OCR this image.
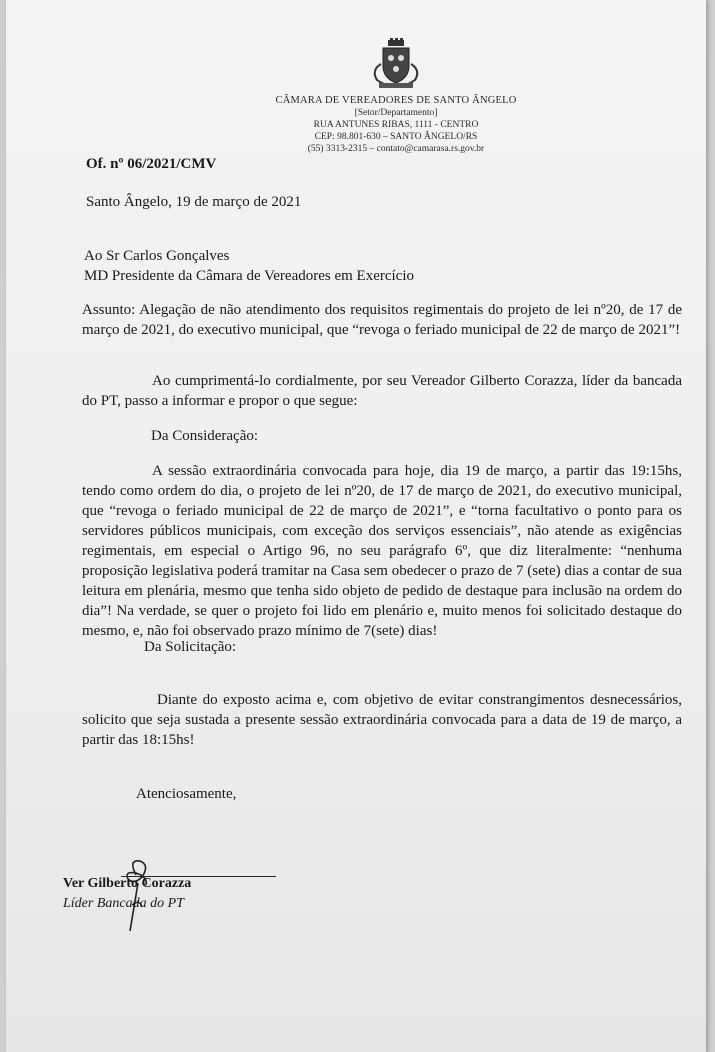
CÂMARA DE VEREADORES DE SANTO ÂNGELO
[Setor/Departamento]
RUA ANTUNES RIBAS, 1111 - CENTRO
CEP: 98.801-630 – SANTO ÂNGELO/RS
(55) 3313-2315 – contato@camarasa.rs.gov.br
Of. nº 06/2021/CMV
Santo Ângelo, 19 de março de 2021
Ao Sr Carlos Gonçalves
MD Presidente da Câmara de Vereadores em Exercício

Assunto: Alegação de não atendimento dos requisitos regimentais do projeto de lei nº20, de 17 de março de 2021, do executivo municipal, que “revoga o feriado municipal de 22 de março de 2021”!

Ao cumprimentá-lo cordialmente, por seu Vereador Gilberto Corazza, líder da bancada do PT, passo a informar e propor o que segue:

Da Consideração:

A sessão extraordinária convocada para hoje, dia 19 de março, a partir das 19:15hs, tendo como ordem do dia, o projeto de lei nº20, de 17 de março de 2021, do executivo municipal, que “revoga o feriado municipal de 22 de março de 2021”, e “torna facultativo o ponto para os servidores públicos municipais, com exceção dos serviços essenciais”, não atende as exigências regimentais, em especial o Artigo 96, no seu parágrafo 6º, que diz literalmente: “nenhuma proposição legislativa poderá tramitar na Casa sem obedecer o prazo de 7 (sete) dias a contar de sua leitura em plenária, mesmo que tenha sido objeto de pedido de destaque para inclusão na ordem do dia”! Na verdade, se quer o projeto foi lido em plenário e, muito menos foi solicitado destaque do mesmo, e, não foi observado prazo mínimo de 7(sete) dias!

Da Solicitação:

Diante do exposto acima e, com objetivo de evitar constrangimentos desnecessários, solicito que seja sustada a presente sessão extraordinária convocada para a data de 19 de março, a partir das 18:15hs!

Atenciosamente,
Ver Gilberto Corazza
Líder Bancada do PT
